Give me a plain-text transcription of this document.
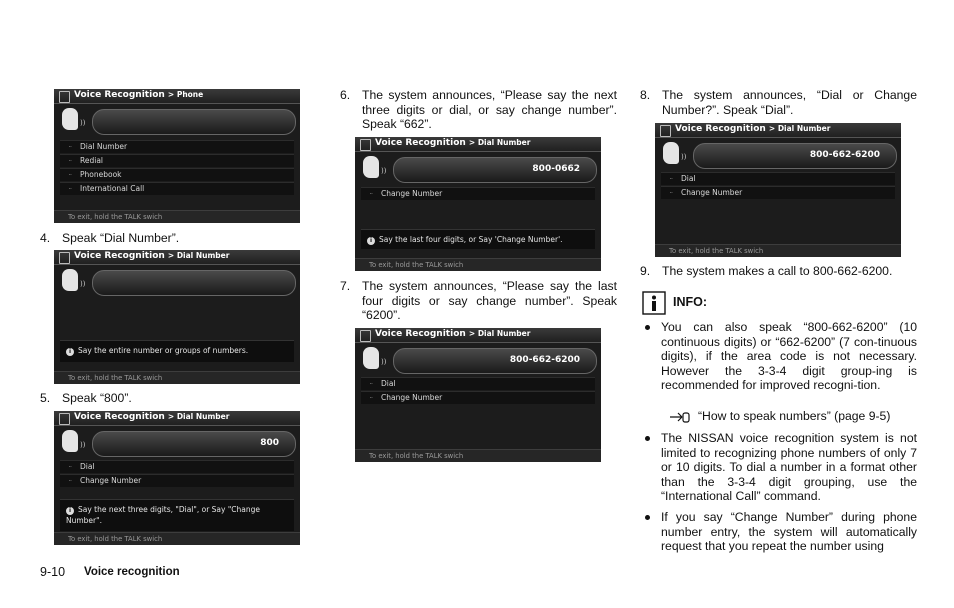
Voice Recognition > Phone
))
ᐧᐧ Dial Number
ᐧᐧ Redial
ᐧᐧ Phonebook
ᐧᐧ International Call
To exit, hold the TALK swich
4. Speak “Dial Number”.
Voice Recognition > Dial Number
))
i Say the entire number or groups of numbers.
To exit, hold the TALK swich
5. Speak “800”.
Voice Recognition > Dial Number
))	800
ᐧᐧ Dial
ᐧᐧ Change Number
i Say the next three digits, "Dial", or Say "Change Number".
To exit, hold the TALK swich
6. The system announces, “Please say the next three digits or dial, or say change number”. Speak “662”.
Voice Recognition > Dial Number
))	800-0662
ᐧᐧ Change Number
i Say the last four digits, or Say 'Change Number'.
To exit, hold the TALK swich
7. The system announces, “Please say the last four digits or say change number”. Speak “6200”.
Voice Recognition > Dial Number
))	800-662-6200
ᐧᐧ Dial
ᐧᐧ Change Number
To exit, hold the TALK swich
8. The system announces, “Dial or Change Number?”. Speak “Dial”.
Voice Recognition > Dial Number
))	800-662-6200
ᐧᐧ Dial
ᐧᐧ Change Number
To exit, hold the TALK swich
9. The system makes a call to 800-662-6200.
INFO:
You can also speak “800-662-6200” (10 continuous digits) or “662-6200” (7 con-tinuous digits), if the area code is not necessary. However the 3-3-4 digit group-ing is recommended for improved recogni-tion.
“How to speak numbers” (page 9-5)
The NISSAN voice recognition system is not limited to recognizing phone numbers of only 7 or 10 digits. To dial a number in a format other than the 3-3-4 digit grouping, use the “International Call” command.
If you say “Change Number” during phone number entry, the system will automatically request that you repeat the number using
9-10 Voice recognition
